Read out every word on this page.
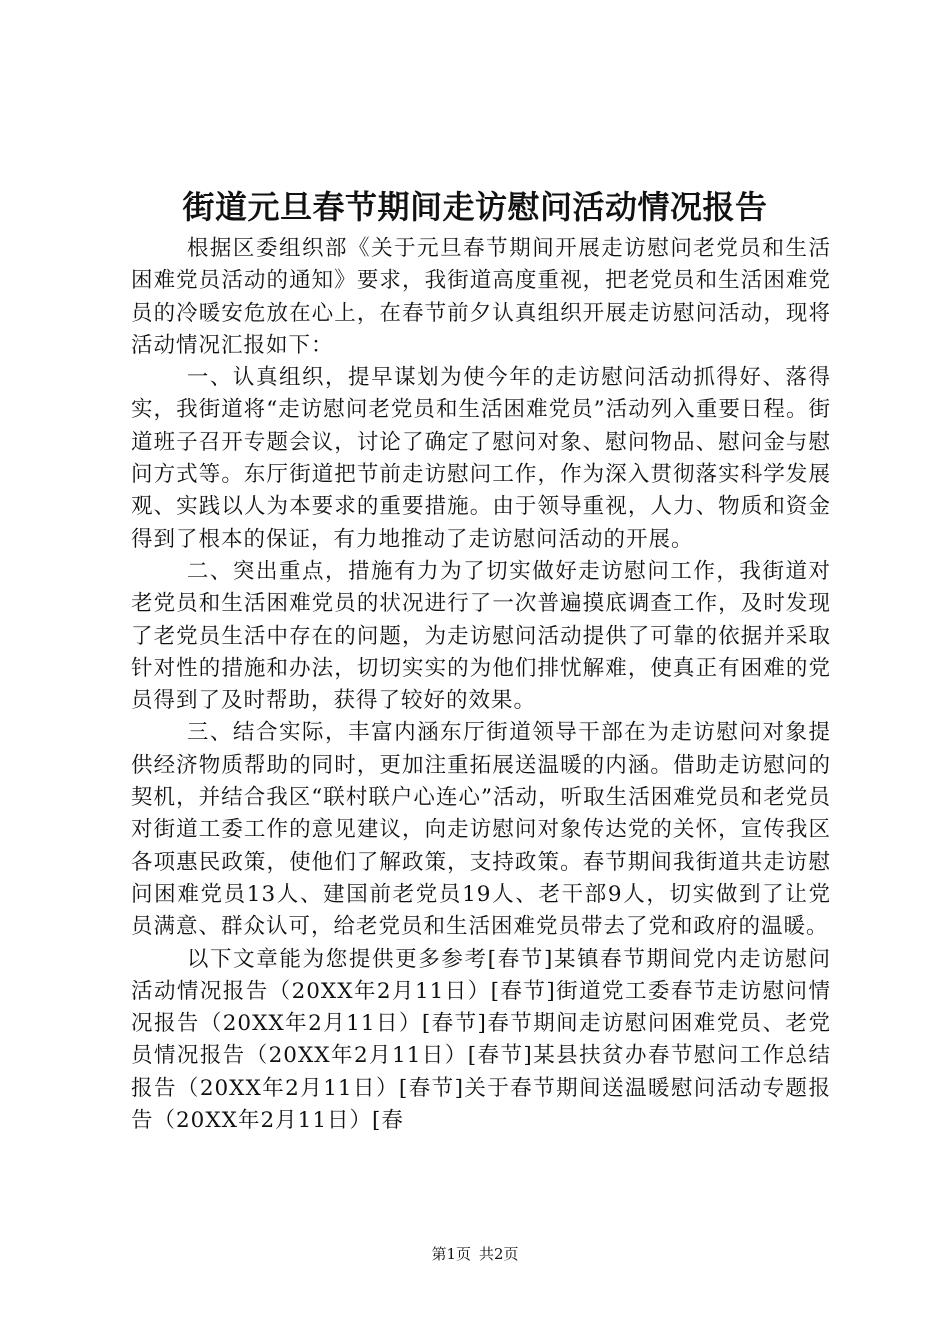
街道元旦春节期间走访慰问活动情况报告

根据区委组织部《关于元旦春节期间开展走访慰问老党员和生活困难党员活动的通知》要求，我街道高度重视，把老党员和生活困难党员的冷暖安危放在心上，在春节前夕认真组织开展走访慰问活动，现将活动情况汇报如下：

一、认真组织，提早谋划为使今年的走访慰问活动抓得好、落得实，我街道将“走访慰问老党员和生活困难党员”活动列入重要日程。街道班子召开专题会议，讨论了确定了慰问对象、慰问物品、慰问金与慰问方式等。东厅街道把节前走访慰问工作，作为深入贯彻落实科学发展观、实践以人为本要求的重要措施。由于领导重视，人力、物质和资金得到了根本的保证，有力地推动了走访慰问活动的开展。

二、突出重点，措施有力为了切实做好走访慰问工作，我街道对老党员和生活困难党员的状况进行了一次普遍摸底调查工作，及时发现了老党员生活中存在的问题，为走访慰问活动提供了可靠的依据并采取针对性的措施和办法，切切实实的为他们排忧解难，使真正有困难的党员得到了及时帮助，获得了较好的效果。

三、结合实际，丰富内涵东厅街道领导干部在为走访慰问对象提供经济物质帮助的同时，更加注重拓展送温暖的内涵。借助走访慰问的契机，并结合我区“联村联户心连心”活动，听取生活困难党员和老党员对街道工委工作的意见建议，向走访慰问对象传达党的关怀，宣传我区各项惠民政策，使他们了解政策，支持政策。春节期间我街道共走访慰问困难党员13人、建国前老党员19人、老干部9人，切实做到了让党员满意、群众认可，给老党员和生活困难党员带去了党和政府的温暖。

以下文章能为您提供更多参考[春节]某镇春节期间党内走访慰问活动情况报告（20XX年2月11日）[春节]街道党工委春节走访慰问情况报告（20XX年2月11日）[春节]春节期间走访慰问困难党员、老党员情况报告（20XX年2月11日）[春节]某县扶贫办春节慰问工作总结报告（20XX年2月11日）[春节]关于春节期间送温暖慰问活动专题报告（20XX年2月11日）[春

第1页 共2页
